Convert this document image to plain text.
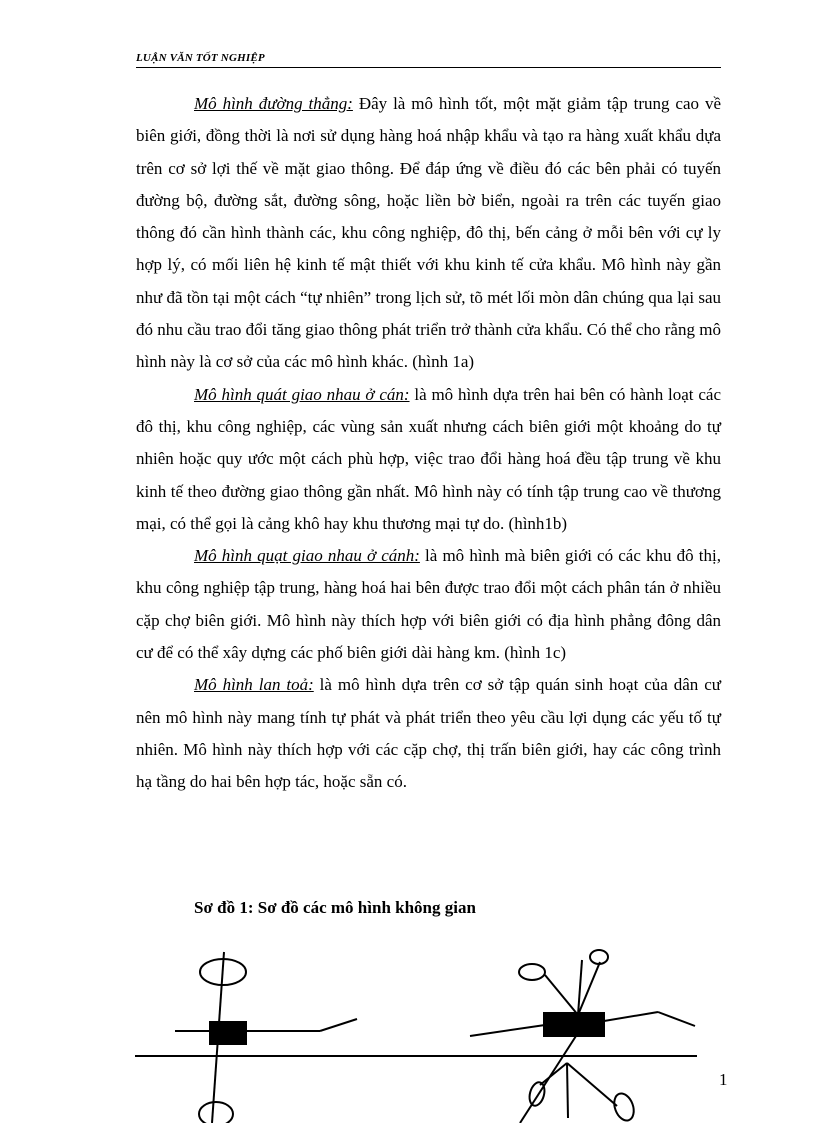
LUẬN VĂN TỐT NGHIỆP

Mô hình đường thẳng: Đây là mô hình tốt, một mặt giảm tập trung cao về biên giới, đồng thời là nơi sử dụng hàng hoá nhập khẩu và tạo ra hàng xuất khẩu dựa trên cơ sở lợi thế về mặt giao thông. Để đáp ứng về điều đó các bên phải có tuyến đường bộ, đường sắt, đường sông, hoặc liền bờ biển, ngoài ra trên các tuyến giao thông đó cần hình thành các, khu công nghiệp, đô thị, bến cảng ở mỗi bên với cự ly hợp lý, có mối liên hệ kinh tế mật thiết với khu kinh tế cửa khẩu. Mô hình này gần như đã tồn tại một cách “tự nhiên” trong lịch sử, tõ mét lối mòn dân chúng qua lại sau đó nhu cầu trao đổi tăng giao thông phát triển trở thành cửa khẩu. Có thể cho rằng mô hình này là cơ sở của các mô hình khác. (hình 1a)

Mô hình quát giao nhau ở cán: là mô hình dựa trên hai bên có hành loạt các đô thị, khu công nghiệp, các vùng sản xuất nhưng cách biên giới một khoảng do tự nhiên hoặc quy ước một cách phù hợp, việc trao đổi hàng hoá đều tập trung về khu kinh tế theo đường giao thông gần nhất. Mô hình này có tính tập trung cao về thương mại, có thể gọi là cảng khô hay khu thương mại tự do. (hình1b)

Mô hình quạt giao nhau ở cánh: là mô hình mà biên giới có các khu đô thị, khu công nghiệp tập trung, hàng hoá hai bên được trao đổi một cách phân tán ở nhiều cặp chợ biên giới. Mô hình này thích hợp với biên giới có địa hình phẳng đông dân cư để có thể xây dựng các phố biên giới dài hàng km. (hình 1c)

Mô hình lan toả: là mô hình dựa trên cơ sở tập quán sinh hoạt của dân cư nên mô hình này mang tính tự phát và phát triển theo yêu cầu lợi dụng các yếu tố tự nhiên. Mô hình này thích hợp với các cặp chợ, thị trấn biên giới, hay các công trình hạ tầng do hai bên hợp tác, hoặc sẵn có.

Sơ đồ 1: Sơ đồ các mô hình không gian
1
